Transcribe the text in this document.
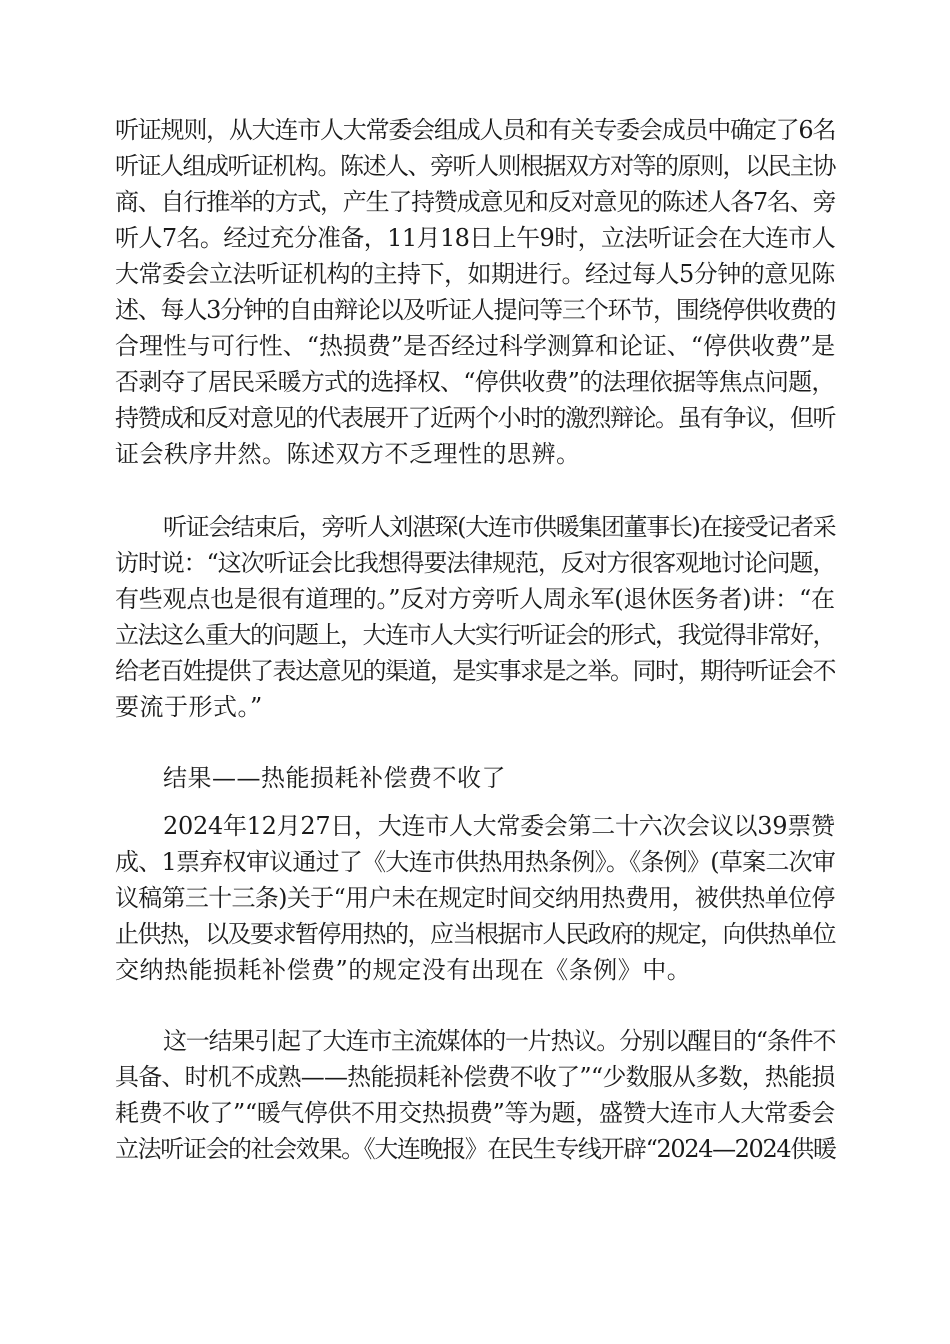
听证规则，从大连市人大常委会组成人员和有关专委会成员中确定了6名
听证人组成听证机构。陈述人、旁听人则根据双方对等的原则，以民主协
商、自行推举的方式，产生了持赞成意见和反对意见的陈述人各7名、旁
听人7名。经过充分准备，11月18日上午9时，立法听证会在大连市人
大常委会立法听证机构的主持下，如期进行。经过每人5分钟的意见陈
述、每人3分钟的自由辩论以及听证人提问等三个环节，围绕停供收费的
合理性与可行性、“热损费”是否经过科学测算和论证、“停供收费”是
否剥夺了居民采暖方式的选择权、“停供收费”的法理依据等焦点问题，
持赞成和反对意见的代表展开了近两个小时的激烈辩论。虽有争议，但听
证会秩序井然。陈述双方不乏理性的思辨。
听证会结束后，旁听人刘湛琛(大连市供暖集团董事长)在接受记者采
访时说：“这次听证会比我想得要法律规范，反对方很客观地讨论问题，
有些观点也是很有道理的。”反对方旁听人周永军(退休医务者)讲：“在
立法这么重大的问题上，大连市人大实行听证会的形式，我觉得非常好，
给老百姓提供了表达意见的渠道，是实事求是之举。同时，期待听证会不
要流于形式。”
结果——热能损耗补偿费不收了
2024年12月27日，大连市人大常委会第二十六次会议以39票赞
成、1票弃权审议通过了《大连市供热用热条例》。《条例》(草案二次审
议稿第三十三条)关于“用户未在规定时间交纳用热费用，被供热单位停
止供热，以及要求暂停用热的，应当根据市人民政府的规定，向供热单位
交纳热能损耗补偿费”的规定没有出现在《条例》中。
这一结果引起了大连市主流媒体的一片热议。分别以醒目的“条件不
具备、时机不成熟——热能损耗补偿费不收了”“少数服从多数，热能损
耗费不收了”“暖气停供不用交热损费”等为题，盛赞大连市人大常委会
立法听证会的社会效果。《大连晚报》在民生专线开辟“2024—2024供暖
